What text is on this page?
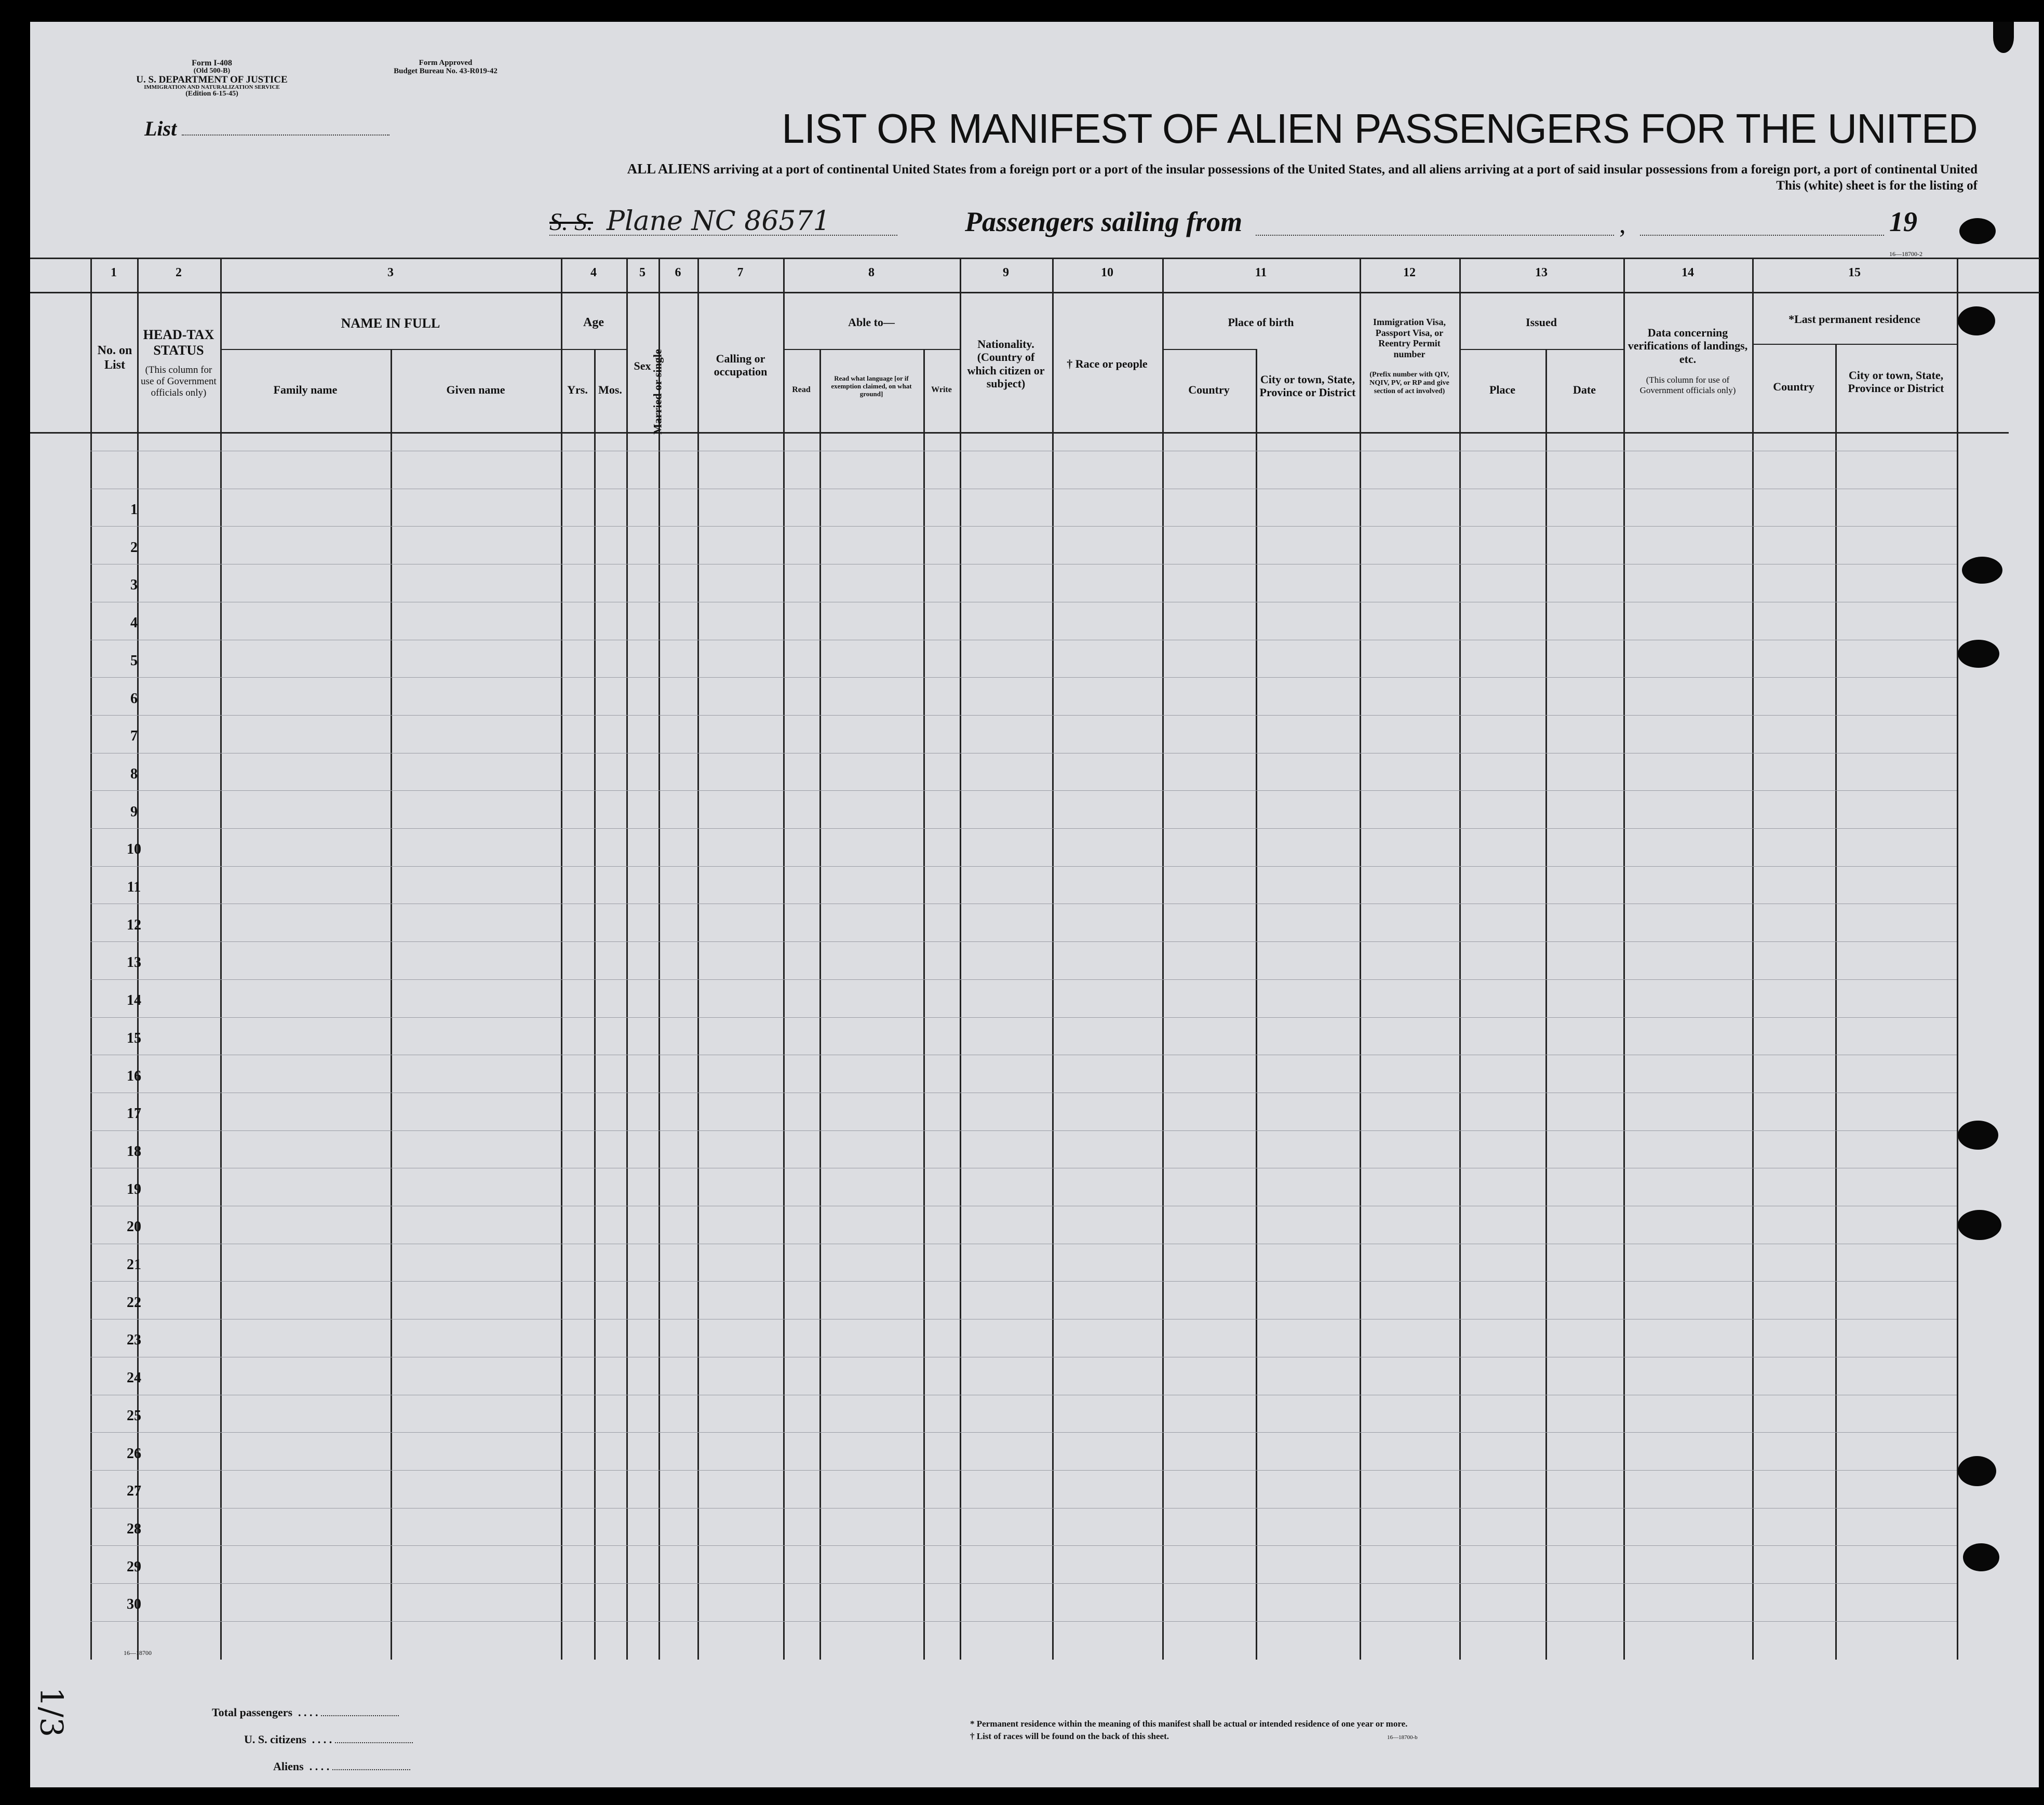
Form I-408
(Old 500-B)
U. S. DEPARTMENT OF JUSTICE
IMMIGRATION AND NATURALIZATION SERVICE
(Edition 6-15-45)
Form Approved
Budget Bureau No. 43-R019-42
List	LIST OR MANIFEST OF ALIEN PASSENGERS FOR THE UNITED
ALL ALIENS arriving at a port of continental United States from a foreign port or a port of the insular possessions of the United States, and all aliens arriving at a port of said insular possessions from a foreign port, a port of continental United
This (white) sheet is for the listing of
S. S. Plane NC 86571	Passengers sailing from	,	19
16—18700-2
1	2	3	4	5	6	7	8	9	10	11	12	13	14	15
No. on List
HEAD-TAX STATUS
(This column for use of Government officials only)
NAME IN FULL
Family name	Given name
Age
Yrs. Mos.
Sex Married or single	Calling or occupation
Able to—
Read
Read what language [or if exemption claimed, on what ground]	Write
Nationality. (Country of which citizen or subject)
† Race or people
Place of birth
Country
City or town, State, Province or District
Immigration Visa, Passport Visa, or Reentry Permit number
(Prefix number with QIV, NQIV, PV, or RP and give section of act involved)
Issued
Place	Date
Data concerning verifications of landings, etc.
(This column for use of Government officials only)
*Last permanent residence
Country
City or town, State, Province or District
1
2
3
4
5
6
7
8
9
10
11
12
13
14
15
16
17
18
19
20
21
22
23
24
25
26
27
28
29
30
16—18700
Total passengers  . . . .
U. S. citizens  . . . .
Aliens  . . . .
* Permanent residence within the meaning of this manifest shall be actual or intended residence of one year or more.
† List of races will be found on the back of this sheet.	16—18700-b
1/3
